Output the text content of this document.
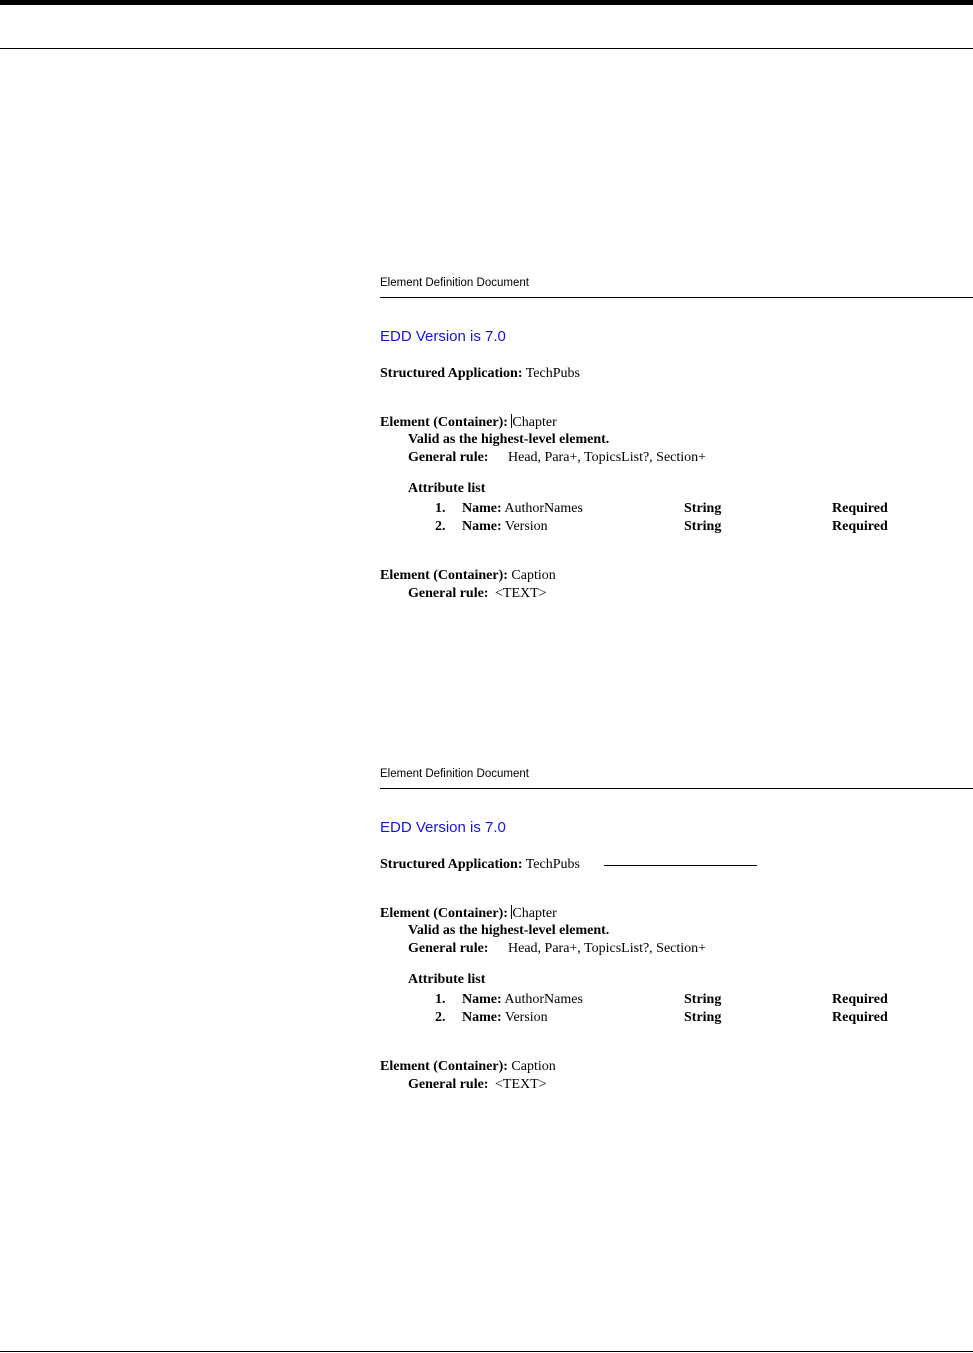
Element Definition Document
EDD Version is 7.0
Structured Application: TechPubs
Element (Container): Chapter
Valid as the highest-level element.
General rule: Head, Para+, TopicsList?, Section+
Attribute list
1. Name: AuthorNames	String	Required
2. Name: Version	String	Required
Element (Container): Caption
General rule: <TEXT>
Element Definition Document
EDD Version is 7.0
Structured Application: TechPubs
Element (Container): Chapter
Valid as the highest-level element.
General rule: Head, Para+, TopicsList?, Section+
Attribute list
1. Name: AuthorNames	String	Required
2. Name: Version	String	Required
Element (Container): Caption
General rule: <TEXT>
